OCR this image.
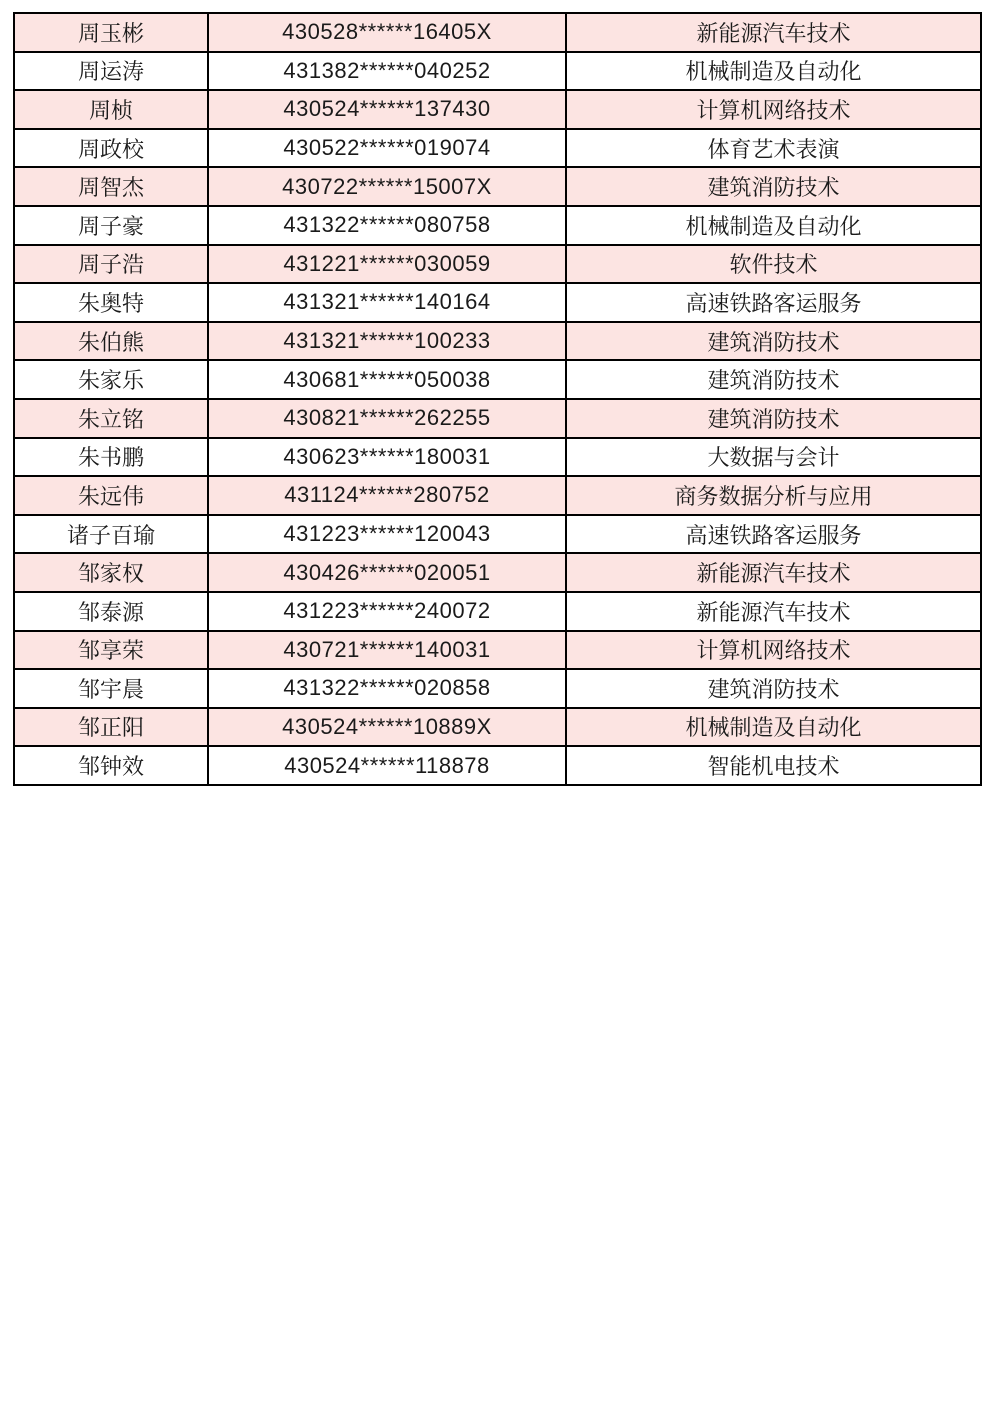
周玉彬	430528******16405X	新能源汽车技术
周运涛	431382******040252	机械制造及自动化
周桢	430524******137430	计算机网络技术
周政校	430522******019074	体育艺术表演
周智杰	430722******15007X	建筑消防技术
周子豪	431322******080758	机械制造及自动化
周子浩	431221******030059	软件技术
朱奥特	431321******140164	高速铁路客运服务
朱伯熊	431321******100233	建筑消防技术
朱家乐	430681******050038	建筑消防技术
朱立铭	430821******262255	建筑消防技术
朱书鹏	430623******180031	大数据与会计
朱远伟	431124******280752	商务数据分析与应用
诸子百瑜	431223******120043	高速铁路客运服务
邹家权	430426******020051	新能源汽车技术
邹泰源	431223******240072	新能源汽车技术
邹享荣	430721******140031	计算机网络技术
邹宇晨	431322******020858	建筑消防技术
邹正阳	430524******10889X	机械制造及自动化
邹钟效	430524******118878	智能机电技术
